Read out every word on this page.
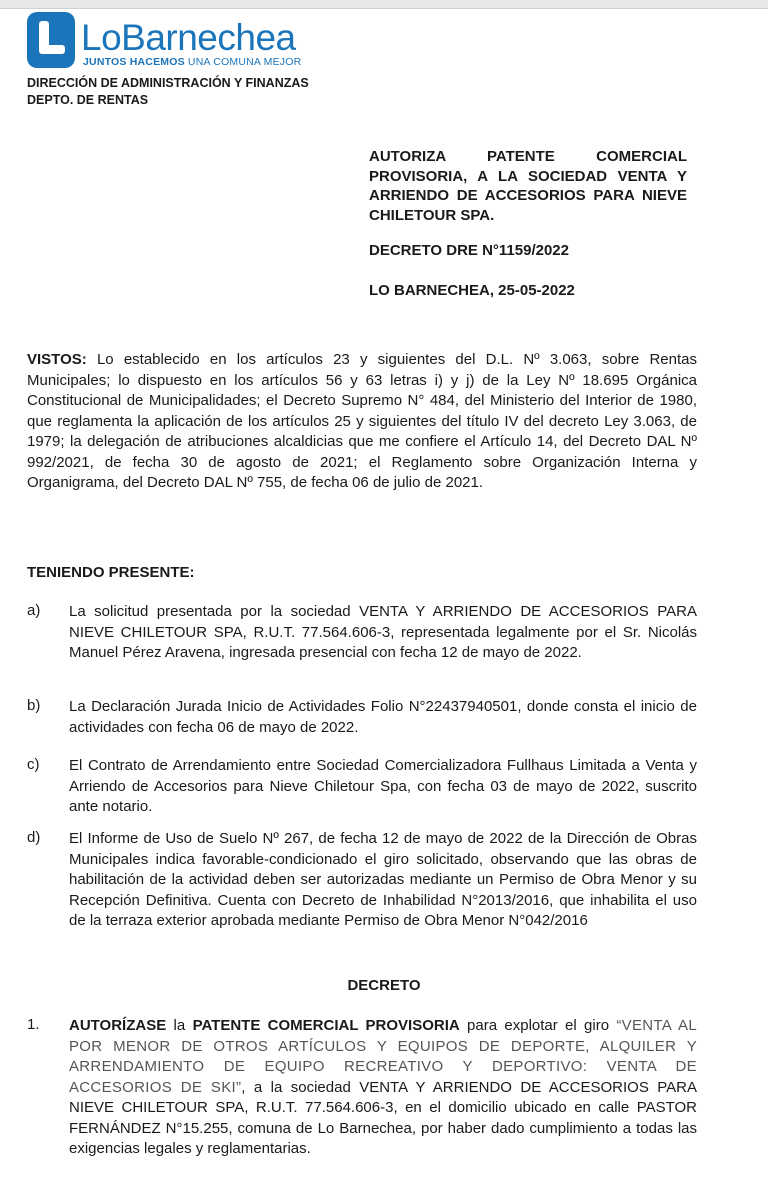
LoBarnechea
JUNTOS HACEMOS UNA COMUNA MEJOR
DIRECCIÓN DE ADMINISTRACIÓN Y FINANZAS
DEPTO. DE RENTAS
AUTORIZA PATENTE COMERCIAL PROVISORIA, A LA SOCIEDAD VENTA Y ARRIENDO DE ACCESORIOS PARA NIEVE CHILETOUR SPA.
DECRETO DRE N°1159/2022
LO BARNECHEA, 25-05-2022
VISTOS: Lo establecido en los artículos 23 y siguientes del D.L. Nº 3.063, sobre Rentas Municipales; lo dispuesto en los artículos 56 y 63 letras i) y j) de la Ley Nº 18.695 Orgánica Constitucional de Municipalidades; el Decreto Supremo N° 484, del Ministerio del Interior de 1980, que reglamenta la aplicación de los artículos 25 y siguientes del título IV del decreto Ley 3.063, de 1979; la delegación de atribuciones alcaldicias que me confiere el Artículo 14, del Decreto DAL Nº 992/2021, de fecha 30 de agosto de 2021; el Reglamento sobre Organización Interna y Organigrama, del Decreto DAL Nº 755, de fecha 06 de julio de 2021.
TENIENDO PRESENTE:
a) La solicitud presentada por la sociedad VENTA Y ARRIENDO DE ACCESORIOS PARA NIEVE CHILETOUR SPA, R.U.T. 77.564.606-3, representada legalmente por el Sr. Nicolás Manuel Pérez Aravena, ingresada presencial con fecha 12 de mayo de 2022.
b) La Declaración Jurada Inicio de Actividades Folio N°22437940501, donde consta el inicio de actividades con fecha 06 de mayo de 2022.
c) El Contrato de Arrendamiento entre Sociedad Comercializadora Fullhaus Limitada a Venta y Arriendo de Accesorios para Nieve Chiletour Spa, con fecha 03 de mayo de 2022, suscrito ante notario.
d) El Informe de Uso de Suelo Nº 267, de fecha 12 de mayo de 2022 de la Dirección de Obras Municipales indica favorable-condicionado el giro solicitado, observando que las obras de habilitación de la actividad deben ser autorizadas mediante un Permiso de Obra Menor y su Recepción Definitiva. Cuenta con Decreto de Inhabilidad N°2013/2016, que inhabilita el uso de la terraza exterior aprobada mediante Permiso de Obra Menor N°042/2016
DECRETO
1. AUTORÍZASE la PATENTE COMERCIAL PROVISORIA para explotar el giro “VENTA AL POR MENOR DE OTROS ARTÍCULOS Y EQUIPOS DE DEPORTE, ALQUILER Y ARRENDAMIENTO DE EQUIPO RECREATIVO Y DEPORTIVO: VENTA DE ACCESORIOS DE SKI”, a la sociedad VENTA Y ARRIENDO DE ACCESORIOS PARA NIEVE CHILETOUR SPA, R.U.T. 77.564.606-3, en el domicilio ubicado en calle PASTOR FERNÁNDEZ N°15.255, comuna de Lo Barnechea, por haber dado cumplimiento a todas las exigencias legales y reglamentarias.
